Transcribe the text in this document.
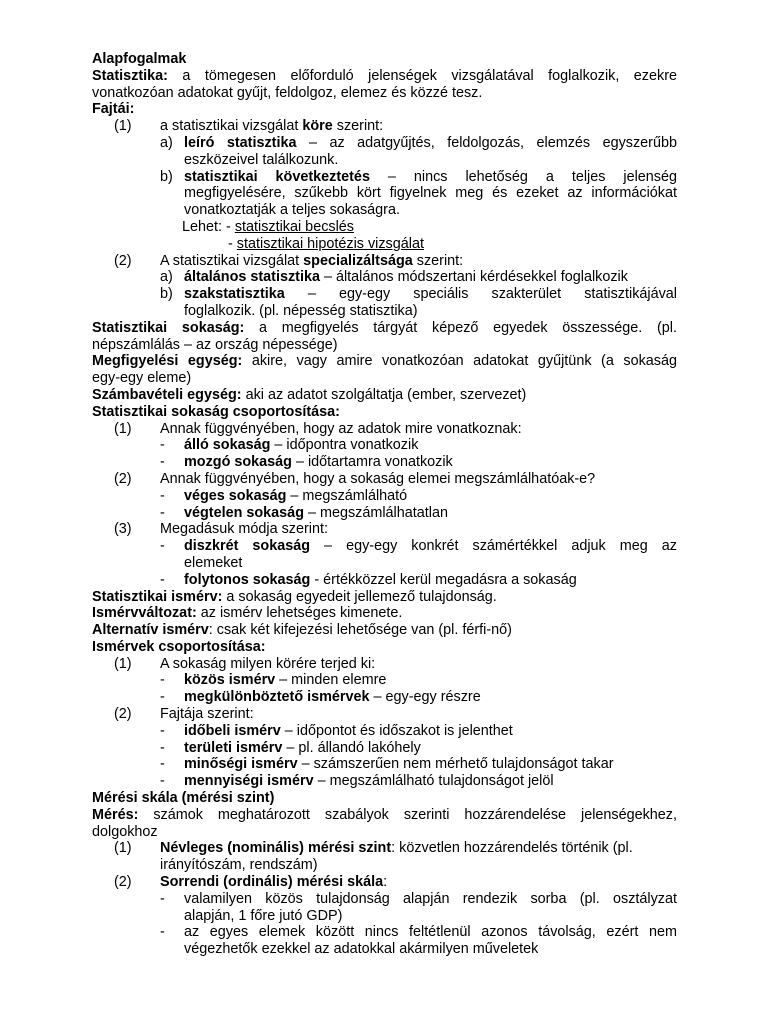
Alapfogalmak
Statisztika: a tömegesen előforduló jelenségek vizsgálatával foglalkozik, ezekre
vonatkozóan adatokat gyűjt, feldolgoz, elemez és közzé tesz.
Fajtái:
(1) a statisztikai vizsgálat köre szerint:
a) leíró statisztika – az adatgyűjtés, feldolgozás, elemzés egyszerűbb
eszközeivel találkozunk.
b) statisztikai következtetés – nincs lehetőség a teljes jelenség
megfigyelésére, szűkebb kört figyelnek meg és ezeket az információkat
vonatkoztatják a teljes sokaságra.
Lehet: - statisztikai becslés
- statisztikai hipotézis vizsgálat
(2) A statisztikai vizsgálat specializáltsága szerint:
a) általános statisztika – általános módszertani kérdésekkel foglalkozik
b) szakstatisztika – egy-egy speciális szakterület statisztikájával
foglalkozik. (pl. népesség statisztika)
Statisztikai sokaság: a megfigyelés tárgyát képező egyedek összessége. (pl.
népszámlálás – az ország népessége)
Megfigyelési egység: akire, vagy amire vonatkozóan adatokat gyűjtünk (a sokaság
egy-egy eleme)
Számbavételi egység: aki az adatot szolgáltatja (ember, szervezet)
Statisztikai sokaság csoportosítása:
(1) Annak függvényében, hogy az adatok mire vonatkoznak:
- álló sokaság – időpontra vonatkozik
- mozgó sokaság – időtartamra vonatkozik
(2) Annak függvényében, hogy a sokaság elemei megszámlálhatóak-e?
- véges sokaság – megszámlálható
- végtelen sokaság – megszámlálhatatlan
(3) Megadásuk módja szerint:
- diszkrét sokaság – egy-egy konkrét számértékkel adjuk meg az
elemeket
- folytonos sokaság - értékközzel kerül megadásra a sokaság
Statisztikai ismérv: a sokaság egyedeit jellemező tulajdonság.
Ismérvváltozat: az ismérv lehetséges kimenete.
Alternatív ismérv: csak két kifejezési lehetősége van (pl. férfi-nő)
Ismérvek csoportosítása:
(1) A sokaság milyen körére terjed ki:
- közös ismérv – minden elemre
- megkülönböztető ismérvek – egy-egy részre
(2) Fajtája szerint:
- időbeli ismérv – időpontot és időszakot is jelenthet
- területi ismérv – pl. állandó lakóhely
- minőségi ismérv – számszerűen nem mérhető tulajdonságot takar
- mennyiségi ismérv – megszámlálható tulajdonságot jelöl
Mérési skála (mérési szint)
Mérés: számok meghatározott szabályok szerinti hozzárendelése jelenségekhez,
dolgokhoz
(1) Névleges (nominális) mérési szint: közvetlen hozzárendelés történik (pl.
irányítószám, rendszám)
(2) Sorrendi (ordinális) mérési skála:
- valamilyen közös tulajdonság alapján rendezik sorba (pl. osztályzat
alapján, 1 főre jutó GDP)
- az egyes elemek között nincs feltétlenül azonos távolság, ezért nem
végezhetők ezekkel az adatokkal akármilyen műveletek
